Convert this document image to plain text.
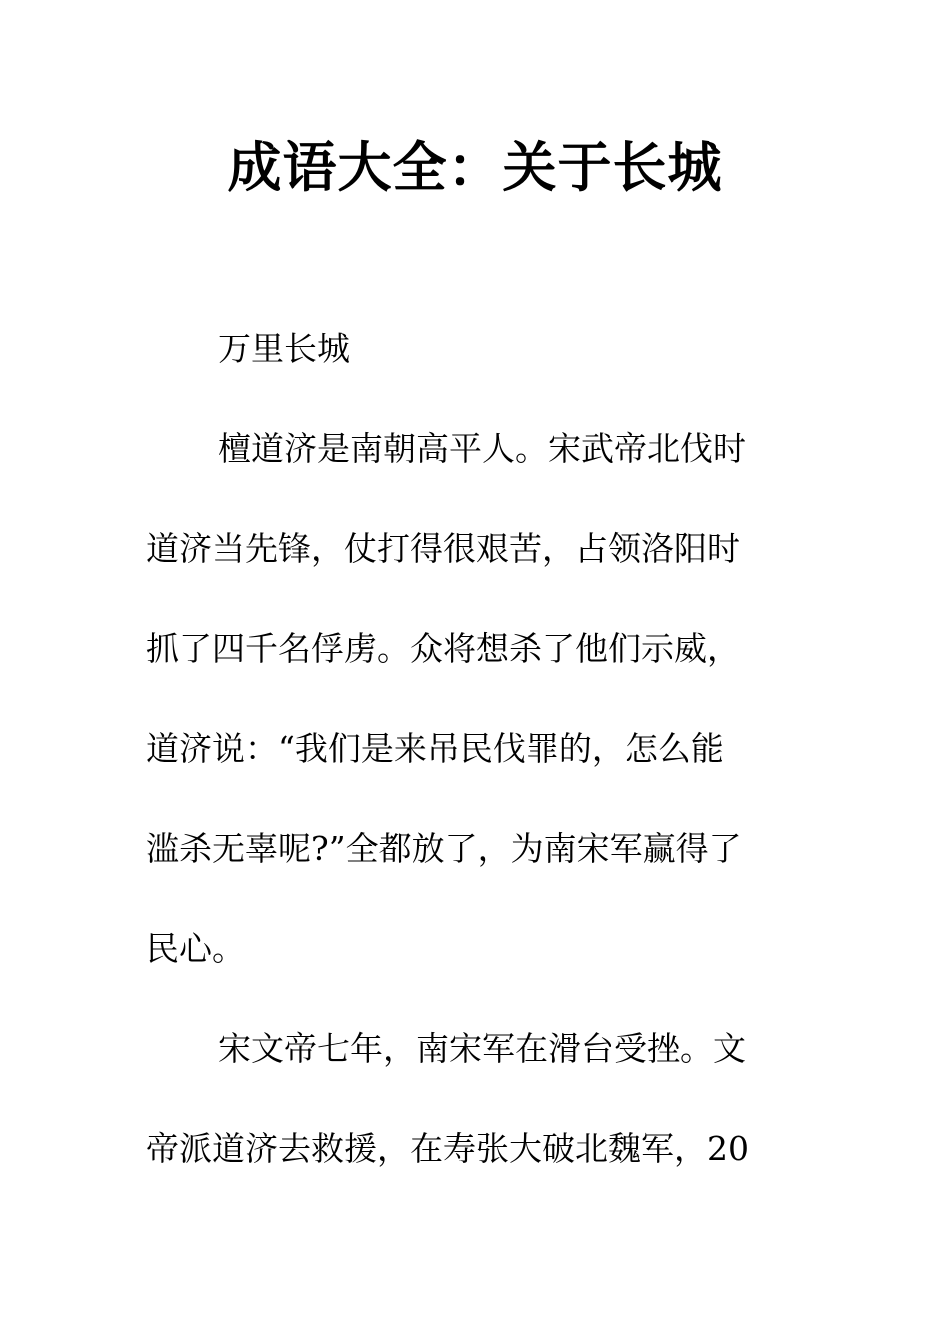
成语大全：关于长城
万里长城
檀道济是南朝高平人。宋武帝北伐时
道济当先锋，仗打得很艰苦，占领洛阳时
抓了四千名俘虏。众将想杀了他们示威，
道济说：“我们是来吊民伐罪的，怎么能
滥杀无辜呢?”全都放了，为南宋军赢得了
民心。
宋文帝七年，南宋军在滑台受挫。文
帝派道济去救援，在寿张大破北魏军，20
